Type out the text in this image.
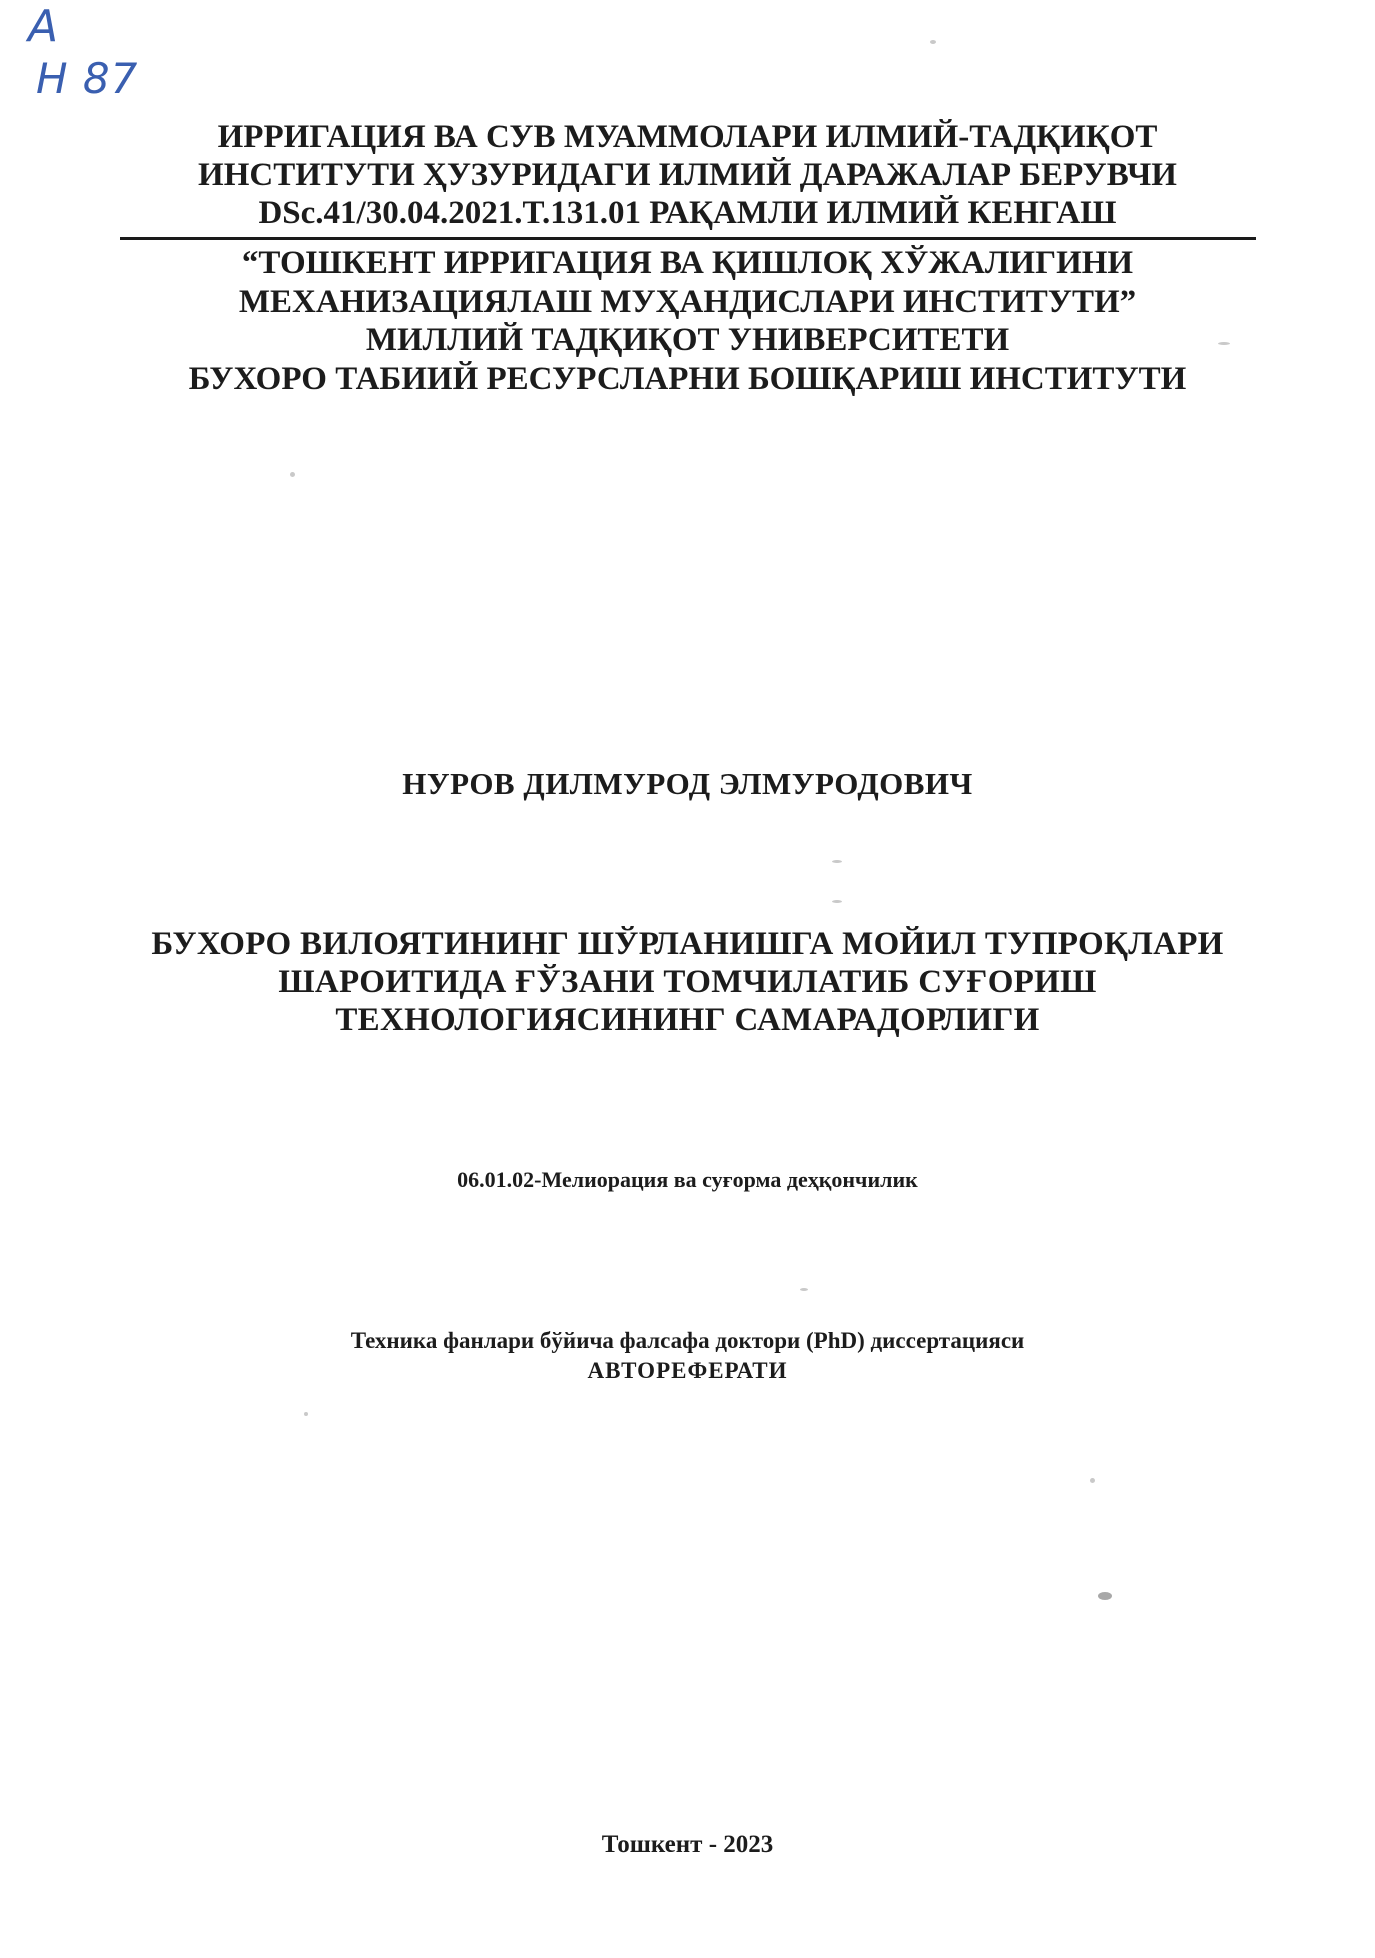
А
Н 87
ИРРИГАЦИЯ ВА СУВ МУАММОЛАРИ ИЛМИЙ-ТАДҚИҚОТ
ИНСТИТУТИ ҲУЗУРИДАГИ ИЛМИЙ ДАРАЖАЛАР БЕРУВЧИ
DSc.41/30.04.2021.T.131.01 РАҚАМЛИ ИЛМИЙ КЕНГАШ
“ТОШКЕНТ ИРРИГАЦИЯ ВА ҚИШЛОҚ ХЎЖАЛИГИНИ
МЕХАНИЗАЦИЯЛАШ МУҲАНДИСЛАРИ ИНСТИТУТИ”
МИЛЛИЙ ТАДҚИҚОТ УНИВЕРСИТЕТИ
БУХОРО ТАБИИЙ РЕСУРСЛАРНИ БОШҚАРИШ ИНСТИТУТИ
НУРОВ ДИЛМУРОД ЭЛМУРОДОВИЧ
БУХОРО ВИЛОЯТИНИНГ ШЎРЛАНИШГА МОЙИЛ ТУПРОҚЛАРИ
ШАРОИТИДА ҒЎЗАНИ ТОМЧИЛАТИБ СУҒОРИШ
ТЕХНОЛОГИЯСИНИНГ САМАРАДОРЛИГИ
06.01.02-Мелиорация ва суғорма деҳқончилик
Техника фанлари бўйича фалсафа доктори (PhD) диссертацияси
АВТОРЕФЕРАТИ
Тошкент - 2023
